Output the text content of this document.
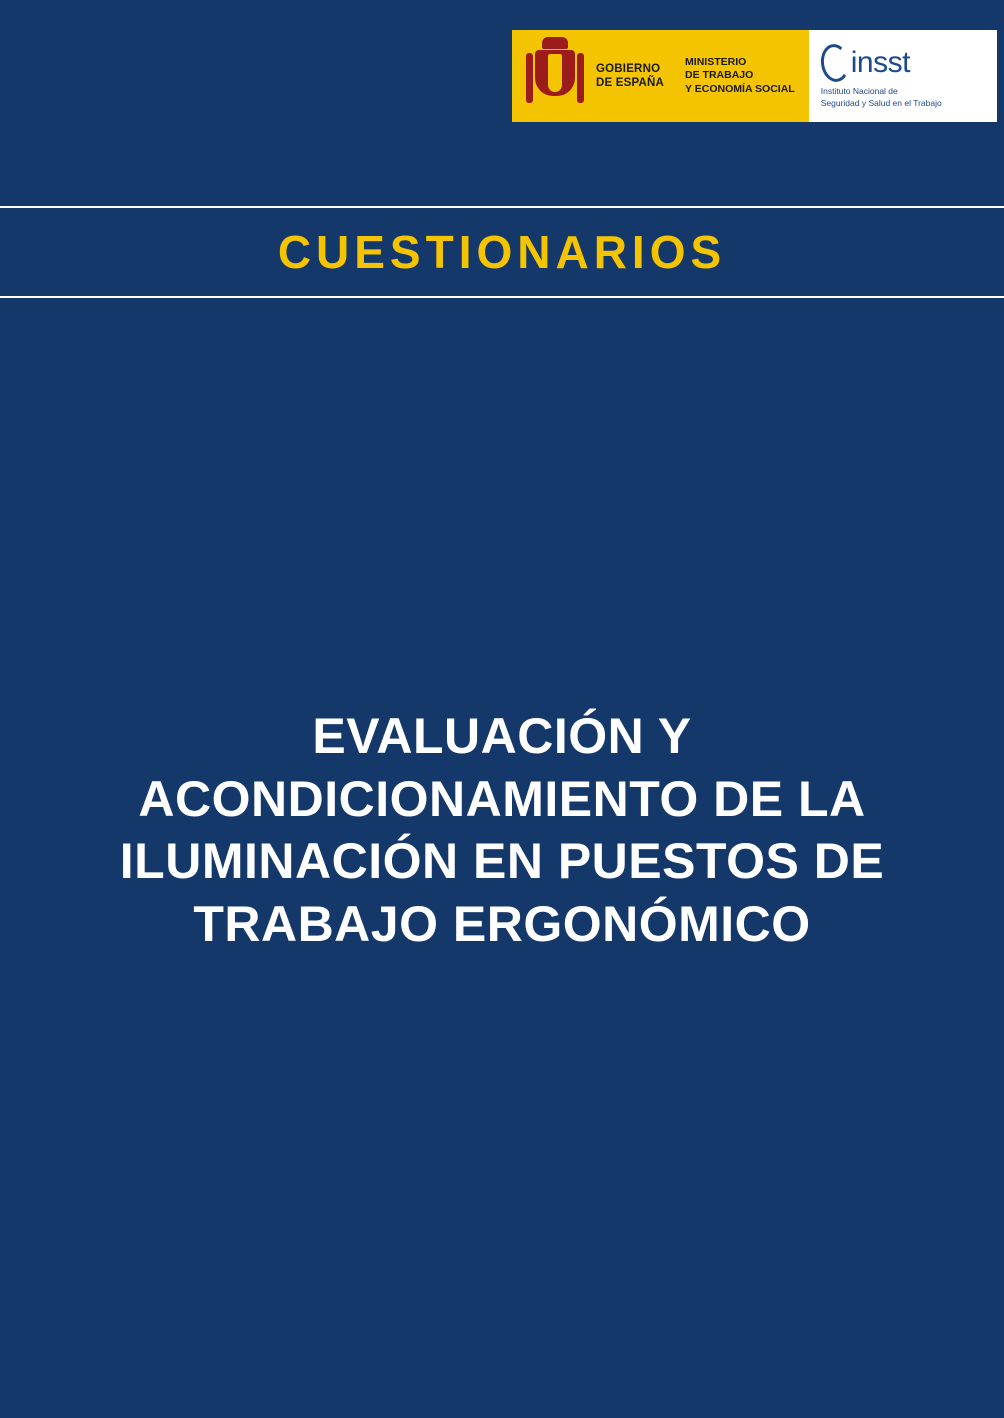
GOBIERNO
DE ESPAÑA
MINISTERIO
DE TRABAJO
Y ECONOMÍA SOCIAL
insst
Instituto Nacional de
Seguridad y Salud en el Trabajo
CUESTIONARIOS
EVALUACIÓN Y ACONDICIONAMIENTO DE LA ILUMINACIÓN EN PUESTOS DE TRABAJO ERGONÓMICO
